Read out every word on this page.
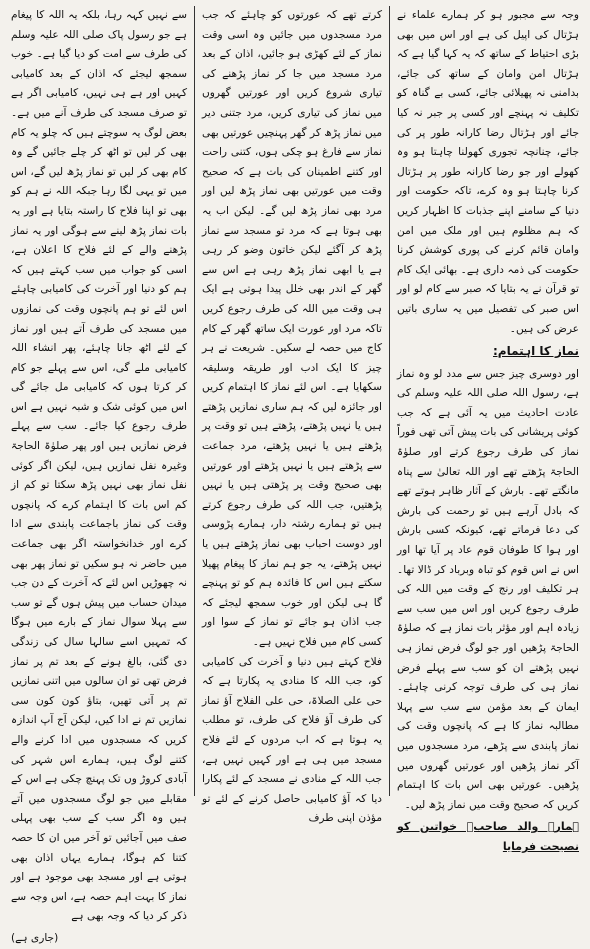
وجہ سے مجبور ہو کر ہمارے علماء نے ہڑتال کی اپیل کی ہے اور اس میں بھی بڑی احتیاط کے ساتھ کہ یہ کہا گیا ہے کہ ہڑتال امن وامان کے ساتھ کی جائے، بدامنی نہ پھیلائی جائے، کسی بے گناہ کو تکلیف نہ پہنچے اور کسی پر جبر نہ کیا جائے اور ہڑتال رضا کارانہ طور پر کی جائے، چنانچہ تجوری کھولنا چاہتا ہو وہ کھولے اور جو رضا کارانہ طور پر ہڑتال کرنا چاہتا ہو وہ کرے، تاکہ حکومت اور دنیا کے سامنے اپنے جذبات کا اظہار کریں کہ ہم مظلوم ہیں اور ملک میں امن وامان قائم کرنے کی پوری کوشش کرنا حکومت کی ذمہ داری ہے۔ بھائی ایک کام تو قرآن نے یہ بتایا کہ صبر سے کام لو اور اس صبر کی تفصیل میں یہ ساری باتیں عرض کی ہیں۔

نماز کا اہتمام:

اور دوسری چیز جس سے مدد لو وہ نماز ہے، رسول اللہ صلی اللہ علیہ وسلم کی عادت احادیث میں یہ آئی ہے کہ جب کوئی پریشانی کی بات پیش آتی تھی فوراً نماز کی طرف رجوع کرتے اور صلوٰۃ الحاجۃ پڑھتے تھے اور اللہ تعالیٰ سے پناہ مانگتے تھے۔ بارش کے آثار ظاہر ہوتے تھے کہ بادل آرہے ہیں تو رحمت کی بارش کی دعا فرماتے تھے، کیونکہ کسی بارش اور ہوا کا طوفان قوم عاد پر آیا تھا اور اس نے اس قوم کو تباہ وبرباد کر ڈالا تھا۔ ہر تکلیف اور رنج کے وقت میں اللہ کی طرف رجوع کریں اور اس میں سب سے زیادہ اہم اور مؤثر بات نماز ہے کہ صلوٰۃ الحاجۃ پڑھیں اور جو لوگ فرض نماز ہی نہیں پڑھتے ان کو سب سے پہلے فرض نماز ہی کی طرف توجہ کرنی چاہئے۔ ایمان کے بعد مؤمن سے سب سے پہلا مطالبہ نماز کا ہے کہ پانچوں وقت کی نماز پابندی سے پڑھے، مرد مسجدوں میں آکر نماز پڑھیں اور عورتیں گھروں میں پڑھیں۔ عورتیں بھی اس بات کا اہتمام کریں کہ صحیح وقت میں نماز پڑھ لیں۔

ہمارے والد صاحبؒ خواتین کو نصیحت فرمایا

کرتے تھے کہ عورتوں کو چاہئے کہ جب مرد مسجدوں میں جائیں وہ اسی وقت نماز کے لئے کھڑی ہو جائیں، اذان کے بعد مرد مسجد میں جا کر نماز پڑھنے کی تیاری شروع کریں اور عورتیں گھروں میں نماز کی تیاری کریں، مرد جتنی دیر میں نماز پڑھ کر گھر پہنچیں عورتیں بھی نماز سے فارغ ہو چکی ہوں، کتنی راحت اور کتنے اطمینان کی بات ہے کہ صحیح وقت میں عورتیں بھی نماز پڑھ لیں اور مرد بھی نماز پڑھ لیں گے۔ لیکن اب یہ بھی ہوتا ہے کہ مرد تو مسجد سے نماز پڑھ کر آگئے لیکن خاتون وضو کر رہی ہے یا ابھی نماز پڑھ رہی ہے اس سے گھر کے اندر بھی خلل پیدا ہوتی ہے ایک ہی وقت میں اللہ کی طرف رجوع کریں تاکہ مرد اور عورت ایک ساتھ گھر کے کام کاج میں حصہ لے سکیں۔ شریعت نے ہر چیز کا ایک ادب اور طریقہ وسلیقہ سکھایا ہے۔ اس لئے نماز کا اہتمام کریں اور جائزہ لیں کہ ہم ساری نمازیں پڑھتے ہیں یا نہیں پڑھتے، پڑھتے ہیں تو وقت پر پڑھتے ہیں یا نہیں پڑھتے، مرد جماعت سے پڑھتے ہیں یا نہیں پڑھتے اور عورتیں بھی صحیح وقت پر پڑھتی ہیں یا نہیں پڑھتیں، جب اللہ کی طرف رجوع کرتے ہیں تو ہمارے رشتہ دار، ہمارے پڑوسی اور دوست احباب بھی نماز پڑھتے ہیں یا نہیں پڑھتے، یہ جو ہم نماز کا پیغام پھیلا سکتے ہیں اس کا فائدہ ہم کو تو پہنچے گا ہی لیکن اور خوب سمجھ لیجئے کہ جب اذان ہو جائے تو نماز کے سوا اور کسی کام میں فلاح نہیں ہے۔

فلاح کہتے ہیں دنیا و آخرت کی کامیابی کو، جب اللہ کا منادی یہ پکارتا ہے کہ حی علی الصلاۃ، حی علی الفلاح آؤ نماز کی طرف آؤ فلاح کی طرف، تو مطلب یہ ہوتا ہے کہ اب مردوں کے لئے فلاح مسجد میں ہی ہے اور کہیں نہیں ہے، جب اللہ کے منادی نے مسجد کے لئے پکارا دیا کہ آؤ کامیابی حاصل کرنے کے لئے تو مؤذن اپنی طرف

سے نہیں کہہ رہا، بلکہ یہ اللہ کا پیغام ہے جو رسول پاک صلی اللہ علیہ وسلم کی طرف سے امت کو دیا گیا ہے۔ خوب سمجھ لیجئے کہ اذان کے بعد کامیابی کہیں اور ہے ہی نہیں، کامیابی اگر ہے تو صرف مسجد کی طرف آنے میں ہے۔ بعض لوگ یہ سوچتے ہیں کہ چلو یہ کام بھی کر لیں تو اٹھ کر چلے جائیں گے وہ کام بھی کر لیں تو نماز پڑھ لیں گے، اس میں تو یہی لگا رہا جبکہ اللہ نے ہم کو بھی تو اپنا فلاح کا راستہ بتایا ہے اور یہ بات نماز پڑھ لینے سے ہوگی اور یہ نماز پڑھنے والے کے لئے فلاح کا اعلان ہے، اسی کو جواب میں سب کہتے ہیں کہ ہم کو دنیا اور آخرت کی کامیابی چاہئے اس لئے تو ہم پانچوں وقت کی نمازوں میں مسجد کی طرف آتے ہیں اور نماز کے لئے اٹھ جانا چاہئے، پھر انشاء اللہ کامیابی ملے گی، اس سے پہلے جو کام کر کرتا ہوں کہ کامیابی مل جائے گی اس میں کوئی شک و شبہ نہیں ہے اس طرف رجوع کیا جائے۔ سب سے پہلے فرض نمازیں ہیں اور پھر صلوٰۃ الحاجۃ وغیرہ نفل نمازیں ہیں، لیکن اگر کوئی نفل نماز بھی نہیں پڑھ سکتا تو کم از کم اس بات کا اہتمام کرے کہ پانچوں وقت کی نماز باجماعت پابندی سے ادا کرے اور خدانخواستہ اگر بھی جماعت میں حاضر نہ ہو سکیں تو نماز پھر بھی نہ چھوڑیں اس لئے کہ آخرت کے دن جب میدان حساب میں پیش ہوں گے تو سب سے پہلا سوال نماز کے بارے میں ہوگا کہ تمہیں اسے سالہا سال کی زندگی دی گئی، بالغ ہونے کے بعد تم پر نماز فرض تھی تو ان سالوں میں اتنی نمازیں تم پر آتی تھیں، بتاؤ کون کون سی نمازیں تم نے ادا کیں، لیکن آج آپ اندازہ کریں کہ مسجدوں میں ادا کرنے والے کتنے لوگ ہیں، ہمارے اس شہر کی آبادی کروڑ وں تک پہنچ چکی ہے اس کے مقابلے میں جو لوگ مسجدوں میں آتے ہیں وہ اگر سب کے سب بھی پہلی صف میں آجائیں تو آخر میں ان کا حصہ کتنا کم ہوگا، ہمارے یہاں اذان بھی ہوتی ہے اور مسجد بھی موجود ہے اور نماز کا بہت اہم حصہ ہے، اس وجہ سے ذکر کر دیا کہ وجہ بھی ہے

(جاری ہے)
